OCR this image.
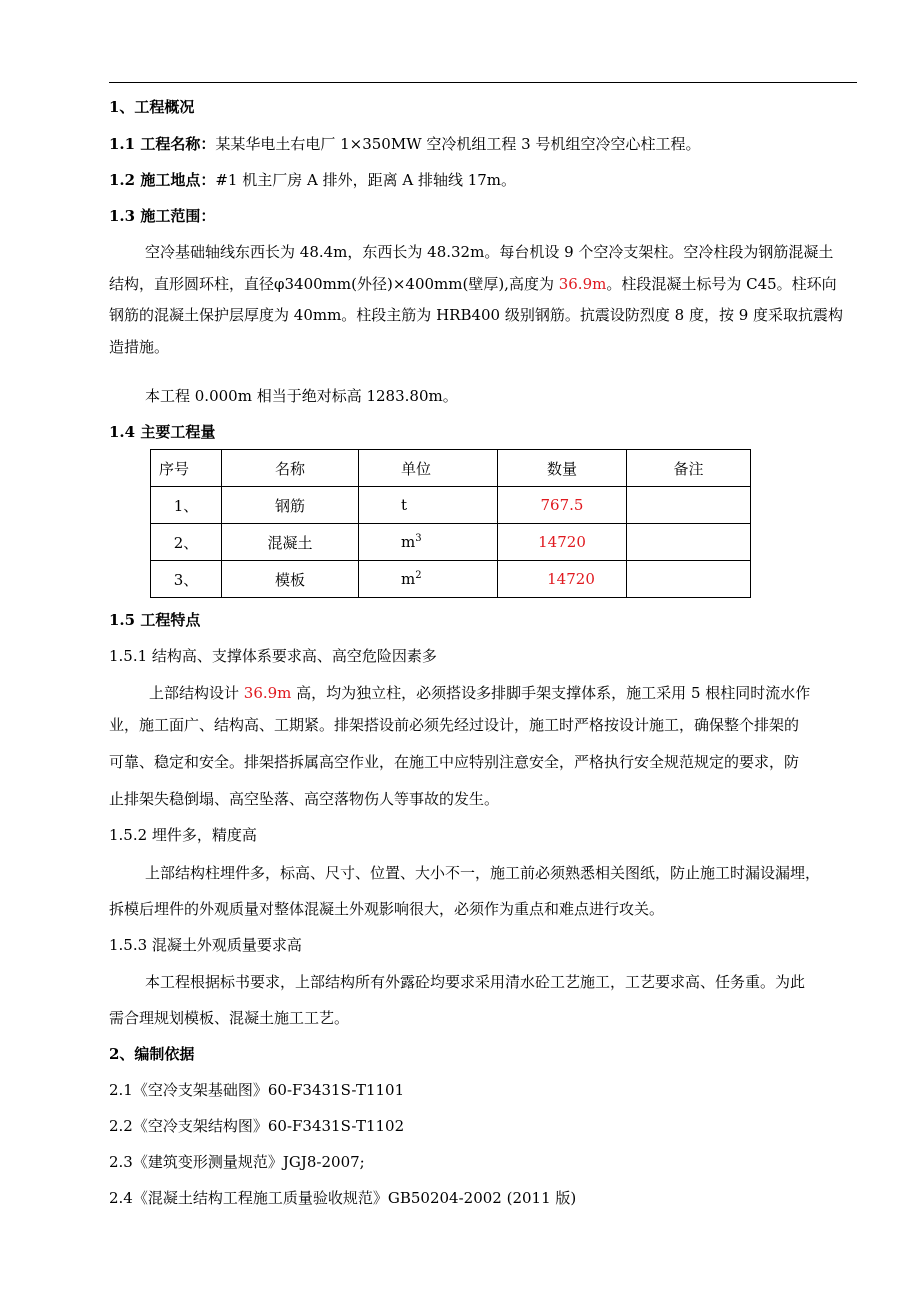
1、工程概况
1.1 工程名称：某某华电土右电厂 1×350MW 空冷机组工程 3 号机组空冷空心柱工程。
1.2 施工地点：#1 机主厂房 A 排外，距离 A 排轴线 17m。
1.3 施工范围：
空冷基础轴线东西长为 48.4m，东西长为 48.32m。每台机设 9 个空冷支架柱。空冷柱段为钢筋混凝土
结构，直形圆环柱，直径φ3400mm(外径)×400mm(壁厚),高度为 36.9m。柱段混凝土标号为 C45。柱环向
钢筋的混凝土保护层厚度为 40mm。柱段主筋为 HRB400 级别钢筋。抗震设防烈度 8 度，按 9 度采取抗震构
造措施。
本工程 0.000m 相当于绝对标高 1283.80m。
1.4 主要工程量
序号	名称	单位	数量	备注
1、	钢筋	t	767.5	
2、	混凝土	$m^3$	14720	
3、	模板	$m^2$	14720	
1.5 工程特点
1.5.1 结构高、支撑体系要求高、高空危险因素多
上部结构设计 36.9m 高，均为独立柱，必须搭设多排脚手架支撑体系，施工采用 5 根柱同时流水作
业，施工面广、结构高、工期紧。排架搭设前必须先经过设计，施工时严格按设计施工，确保整个排架的
可靠、稳定和安全。排架搭拆属高空作业，在施工中应特别注意安全，严格执行安全规范规定的要求，防
止排架失稳倒塌、高空坠落、高空落物伤人等事故的发生。
1.5.2 埋件多，精度高
上部结构柱埋件多，标高、尺寸、位置、大小不一，施工前必须熟悉相关图纸，防止施工时漏设漏埋，
拆模后埋件的外观质量对整体混凝土外观影响很大，必须作为重点和难点进行攻关。
1.5.3 混凝土外观质量要求高
本工程根据标书要求，上部结构所有外露砼均要求采用清水砼工艺施工，工艺要求高、任务重。为此
需合理规划模板、混凝土施工工艺。
2、编制依据
2.1《空冷支架基础图》60-F3431S-T1101
2.2《空冷支架结构图》60-F3431S-T1102
2.3《建筑变形测量规范》JGJ8-2007;
2.4《混凝土结构工程施工质量验收规范》GB50204-2002 (2011 版)
